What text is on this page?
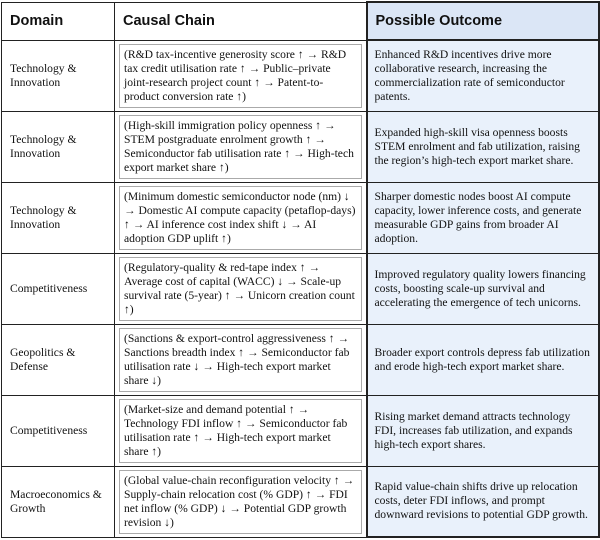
Domain	Causal Chain	Possible Outcome
Technology & Innovation	(R&D tax-incentive generosity score ↑ → R&D tax credit utilisation rate ↑ → Public–private joint-research project count ↑ → Patent-to-product conversion rate ↑)	Enhanced R&D incentives drive more collaborative research, increasing the commercialization rate of semiconductor patents.
Technology & Innovation	(High-skill immigration policy openness ↑ → STEM postgraduate enrolment growth ↑ → Semiconductor fab utilisation rate ↑ → High-tech export market share ↑)	Expanded high-skill visa openness boosts STEM enrolment and fab utilization, raising the region’s high-tech export market share.
Technology & Innovation	(Minimum domestic semiconductor node (nm) ↓ → Domestic AI compute capacity (petaflop-days) ↑ → AI inference cost index shift ↓ → AI adoption GDP uplift ↑)	Sharper domestic nodes boost AI compute capacity, lower inference costs, and generate measurable GDP gains from broader AI adoption.
Competitiveness	(Regulatory-quality & red-tape index ↑ → Average cost of capital (WACC) ↓ → Scale-up survival rate (5-year) ↑ → Unicorn creation count ↑)	Improved regulatory quality lowers financing costs, boosting scale-up survival and accelerating the emergence of tech unicorns.
Geopolitics & Defense	(Sanctions & export-control aggressiveness ↑ → Sanctions breadth index ↑ → Semiconductor fab utilisation rate ↓ → High-tech export market share ↓)	Broader export controls depress fab utilization and erode high-tech export market share.
Competitiveness	(Market-size and demand potential ↑ → Technology FDI inflow ↑ → Semiconductor fab utilisation rate ↑ → High-tech export market share ↑)	Rising market demand attracts technology FDI, increases fab utilization, and expands high-tech export shares.
Macroeconomics & Growth	(Global value-chain reconfiguration velocity ↑ → Supply-chain relocation cost (% GDP) ↑ → FDI net inflow (% GDP) ↓ → Potential GDP growth revision ↓)	Rapid value-chain shifts drive up relocation costs, deter FDI inflows, and prompt downward revisions to potential GDP growth.
